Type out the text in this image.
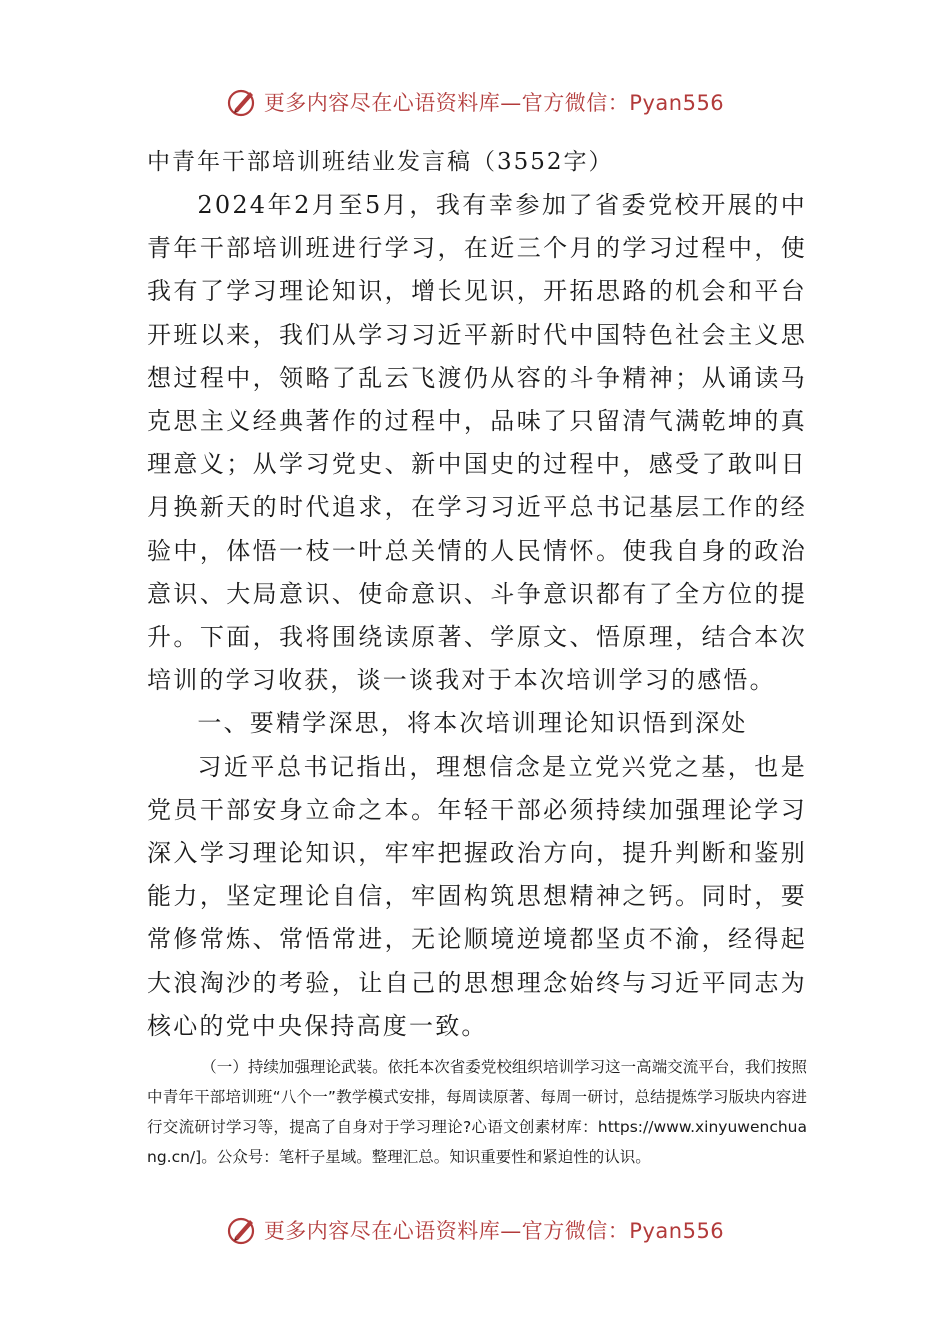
更多内容尽在心语资料库—官方微信：Pyan556

中青年干部培训班结业发言稿（3552字）

2024年2月至5月，我有幸参加了省委党校开展的中青年干部培训班进行学习，在近三个月的学习过程中，使我有了学习理论知识，增长见识，开拓思路的机会和平台开班以来，我们从学习习近平新时代中国特色社会主义思想过程中，领略了乱云飞渡仍从容的斗争精神；从诵读马克思主义经典著作的过程中，品味了只留清气满乾坤的真理意义；从学习党史、新中国史的过程中，感受了敢叫日月换新天的时代追求，在学习习近平总书记基层工作的经验中，体悟一枝一叶总关情的人民情怀。使我自身的政治意识、大局意识、使命意识、斗争意识都有了全方位的提升。下面，我将围绕读原著、学原文、悟原理，结合本次培训的学习收获，谈一谈我对于本次培训学习的感悟。

一、要精学深思，将本次培训理论知识悟到深处

习近平总书记指出，理想信念是立党兴党之基，也是党员干部安身立命之本。年轻干部必须持续加强理论学习深入学习理论知识，牢牢把握政治方向，提升判断和鉴别能力，坚定理论自信，牢固构筑思想精神之钙。同时，要常修常炼、常悟常进，无论顺境逆境都坚贞不渝，经得起大浪淘沙的考验，让自己的思想理念始终与习近平同志为核心的党中央保持高度一致。

（一）持续加强理论武装。依托本次省委党校组织培训学习这一高端交流平台，我们按照中青年干部培训班“八个一”教学模式安排，每周读原著、每周一研讨，总结提炼学习版块内容进行交流研讨学习等，提高了自身对于学习理论?心语文创素材库：https://www.xinyuwenchuang.cn/]。公众号：笔杆子星域。整理汇总。知识重要性和紧迫性的认识。

更多内容尽在心语资料库—官方微信：Pyan556
